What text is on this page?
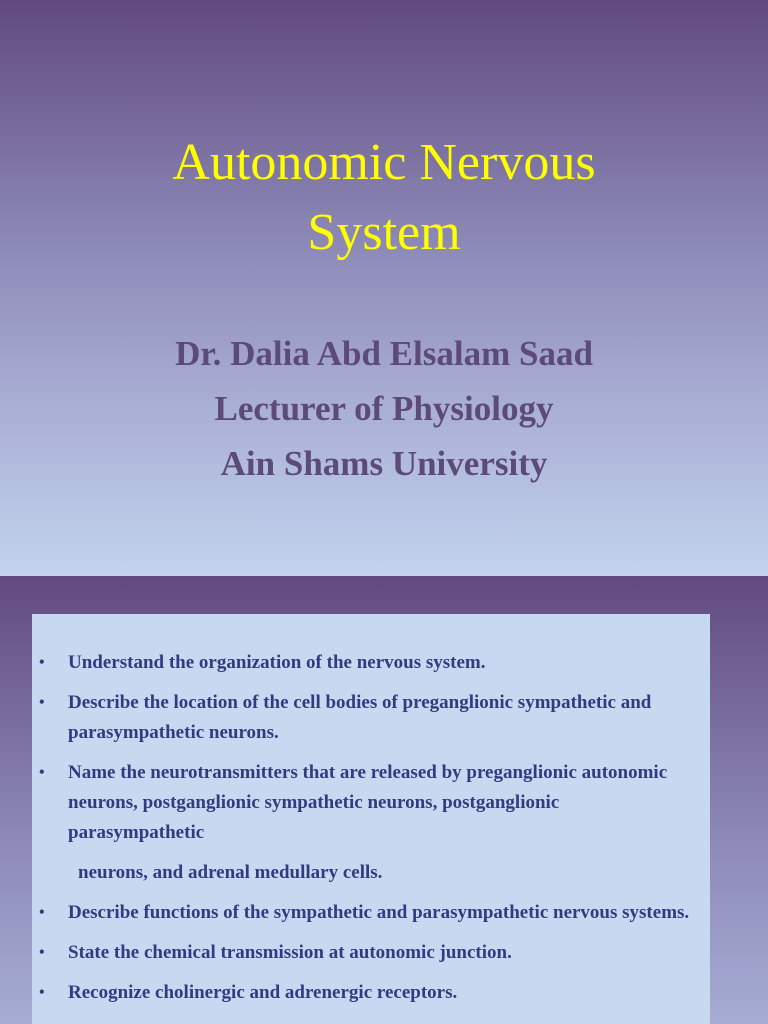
Autonomic Nervous
System
Dr. Dalia Abd Elsalam Saad
Lecturer of Physiology
Ain Shams University
• Understand the organization of the nervous system.
• Describe the location of the cell bodies of preganglionic sympathetic and parasympathetic neurons.
• Name the neurotransmitters that are released by preganglionic autonomic neurons, postganglionic sympathetic neurons, postganglionic parasympathetic
neurons, and adrenal medullary cells.
• Describe functions of the sympathetic and parasympathetic nervous systems.
• State the chemical transmission at autonomic junction.
• Recognize cholinergic and adrenergic receptors.
